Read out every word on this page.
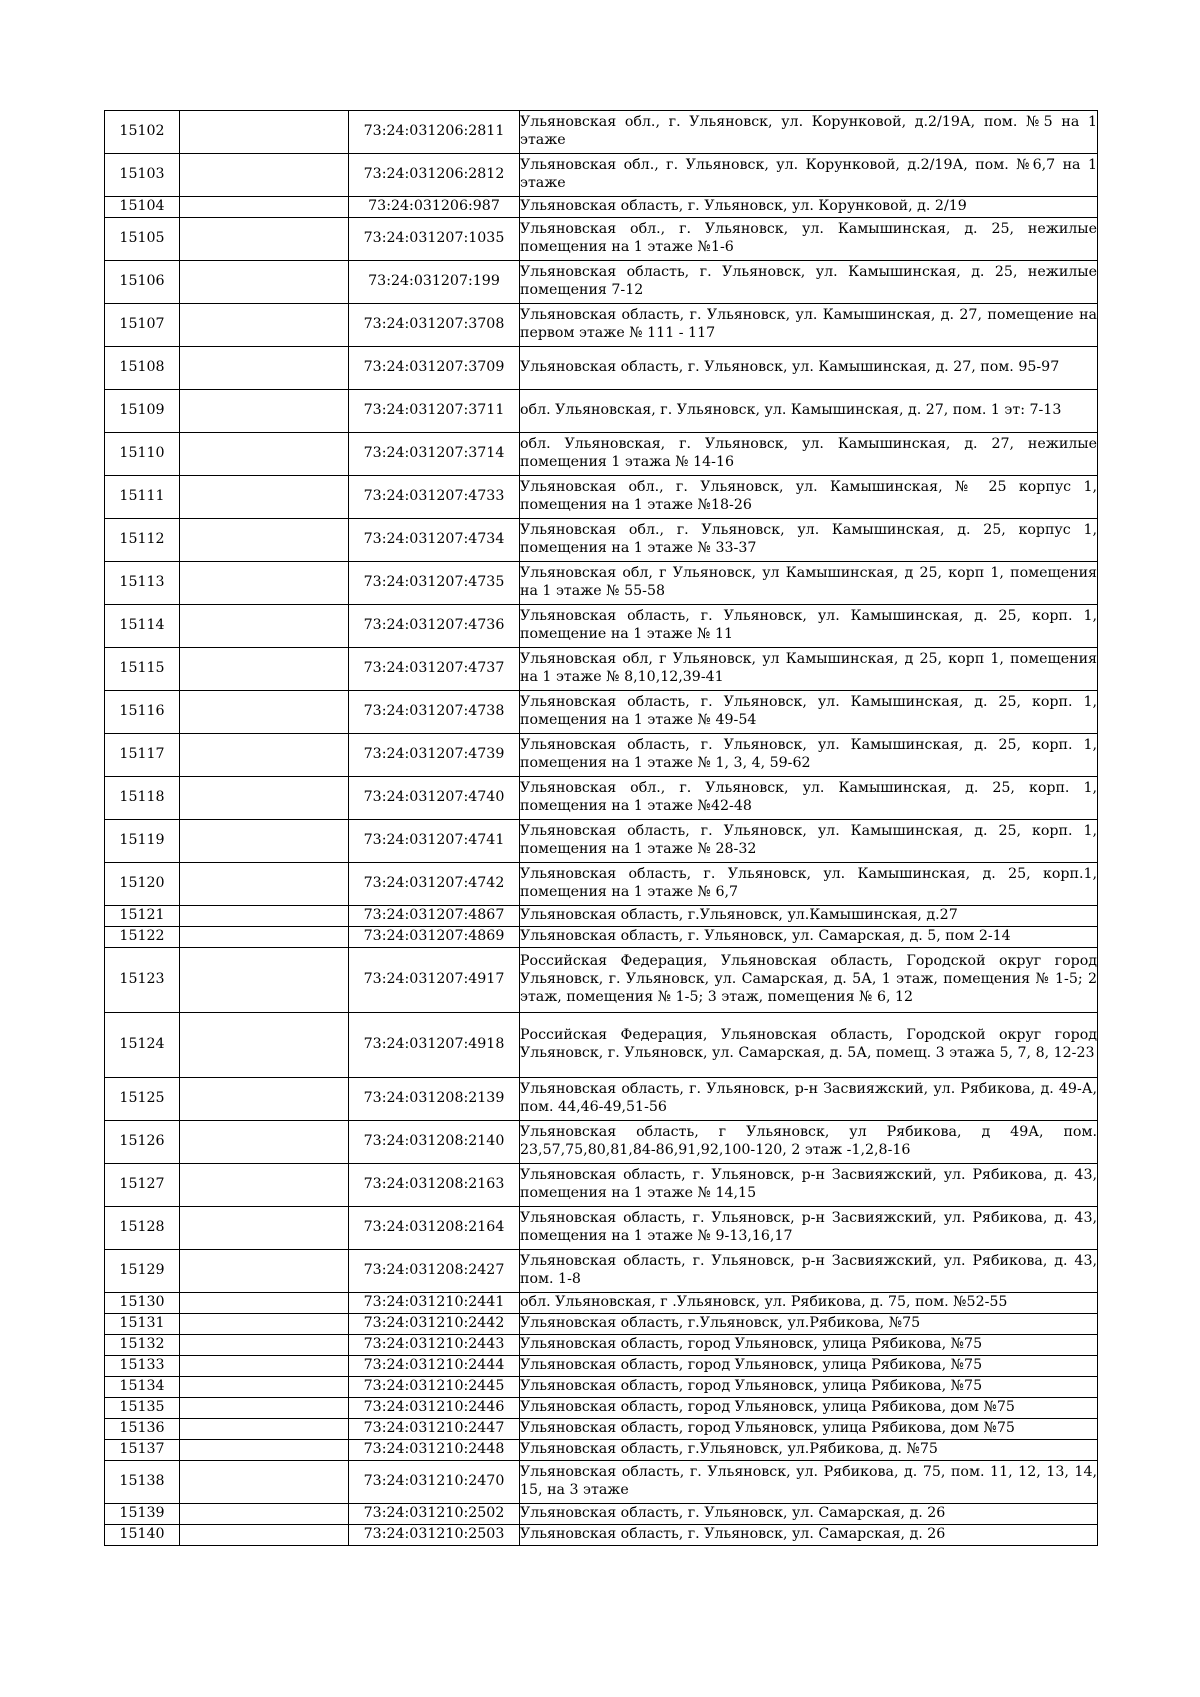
15102		73:24:031206:2811	Ульяновская обл., г. Ульяновск, ул. Корунковой, д.2/19А, пом. №5 на 1 этаже
15103		73:24:031206:2812	Ульяновская обл., г. Ульяновск, ул. Корунковой, д.2/19А, пом. №6,7 на 1 этаже
15104		73:24:031206:987	Ульяновская область, г. Ульяновск, ул. Корунковой, д. 2/19
15105		73:24:031207:1035	Ульяновская обл., г. Ульяновск, ул. Камышинская, д. 25, нежилые помещения на 1 этаже №1-6
15106		73:24:031207:199	Ульяновская область, г. Ульяновск, ул. Камышинская, д. 25, нежилые помещения 7-12
15107		73:24:031207:3708	Ульяновская область, г. Ульяновск, ул. Камышинская, д. 27, помещение на первом этаже № 111 - 117
15108		73:24:031207:3709	Ульяновская область, г. Ульяновск, ул. Камышинская, д. 27, пом. 95-97
15109		73:24:031207:3711	обл. Ульяновская, г. Ульяновск, ул. Камышинская, д. 27, пом. 1 эт: 7-13
15110		73:24:031207:3714	обл. Ульяновская, г. Ульяновск, ул. Камышинская, д. 27, нежилые помещения 1 этажа № 14-16
15111		73:24:031207:4733	Ульяновская обл., г. Ульяновск, ул. Камышинская, № 25 корпус 1, помещения на 1 этаже №18-26
15112		73:24:031207:4734	Ульяновская обл., г. Ульяновск, ул. Камышинская, д. 25, корпус 1, помещения на 1 этаже № 33-37
15113		73:24:031207:4735	Ульяновская обл, г Ульяновск, ул Камышинская, д 25, корп 1, помещения на 1 этаже № 55-58
15114		73:24:031207:4736	Ульяновская область, г. Ульяновск, ул. Камышинская, д. 25, корп. 1, помещение на 1 этаже № 11
15115		73:24:031207:4737	Ульяновская обл, г Ульяновск, ул Камышинская, д 25, корп 1, помещения на 1 этаже № 8,10,12,39-41
15116		73:24:031207:4738	Ульяновская область, г. Ульяновск, ул. Камышинская, д. 25, корп. 1, помещения на 1 этаже № 49-54
15117		73:24:031207:4739	Ульяновская область, г. Ульяновск, ул. Камышинская, д. 25, корп. 1, помещения на 1 этаже № 1, 3, 4, 59-62
15118		73:24:031207:4740	Ульяновская обл., г. Ульяновск, ул. Камышинская, д. 25, корп. 1, помещения на 1 этаже №42-48
15119		73:24:031207:4741	Ульяновская область, г. Ульяновск, ул. Камышинская, д. 25, корп. 1, помещения на 1 этаже № 28-32
15120		73:24:031207:4742	Ульяновская область, г. Ульяновск, ул. Камышинская, д. 25, корп.1, помещения на 1 этаже № 6,7
15121		73:24:031207:4867	Ульяновская область, г.Ульяновск, ул.Камышинская, д.27
15122		73:24:031207:4869	Ульяновская область, г. Ульяновск, ул. Самарская, д. 5, пом 2-14
15123		73:24:031207:4917	Российская Федерация, Ульяновская область, Городской округ город Ульяновск, г. Ульяновск, ул. Самарская, д. 5А, 1 этаж, помещения № 1-5; 2 этаж, помещения № 1-5; 3 этаж, помещения № 6, 12
15124		73:24:031207:4918	Российская Федерация, Ульяновская область, Городской округ город Ульяновск, г. Ульяновск, ул. Самарская, д. 5А, помещ. 3 этажа 5, 7, 8, 12-23
15125		73:24:031208:2139	Ульяновская область, г. Ульяновск, р-н Засвияжский, ул. Рябикова, д. 49-А, пом. 44,46-49,51-56
15126		73:24:031208:2140	Ульяновская область, г Ульяновск, ул Рябикова, д 49А, пом. 23,57,75,80,81,84-86,91,92,100-120, 2 этаж -1,2,8-16
15127		73:24:031208:2163	Ульяновская область, г. Ульяновск, р-н Засвияжский, ул. Рябикова, д. 43, помещения на 1 этаже № 14,15
15128		73:24:031208:2164	Ульяновская область, г. Ульяновск, р-н Засвияжский, ул. Рябикова, д. 43, помещения на 1 этаже № 9-13,16,17
15129		73:24:031208:2427	Ульяновская область, г. Ульяновск, р-н Засвияжский, ул. Рябикова, д. 43, пом. 1-8
15130		73:24:031210:2441	обл. Ульяновская, г .Ульяновск, ул. Рябикова, д. 75, пом. №52-55
15131		73:24:031210:2442	Ульяновская область, г.Ульяновск, ул.Рябикова, №75
15132		73:24:031210:2443	Ульяновская область, город Ульяновск, улица Рябикова, №75
15133		73:24:031210:2444	Ульяновская область, город Ульяновск, улица Рябикова, №75
15134		73:24:031210:2445	Ульяновская область, город Ульяновск, улица Рябикова, №75
15135		73:24:031210:2446	Ульяновская область, город Ульяновск, улица Рябикова, дом №75
15136		73:24:031210:2447	Ульяновская область, город Ульяновск, улица Рябикова, дом №75
15137		73:24:031210:2448	Ульяновская область, г.Ульяновск, ул.Рябикова, д. №75
15138		73:24:031210:2470	Ульяновская область, г. Ульяновск, ул. Рябикова, д. 75, пом. 11, 12, 13, 14, 15, на 3 этаже
15139		73:24:031210:2502	Ульяновская область, г. Ульяновск, ул. Самарская, д. 26
15140		73:24:031210:2503	Ульяновская область, г. Ульяновск, ул. Самарская, д. 26
